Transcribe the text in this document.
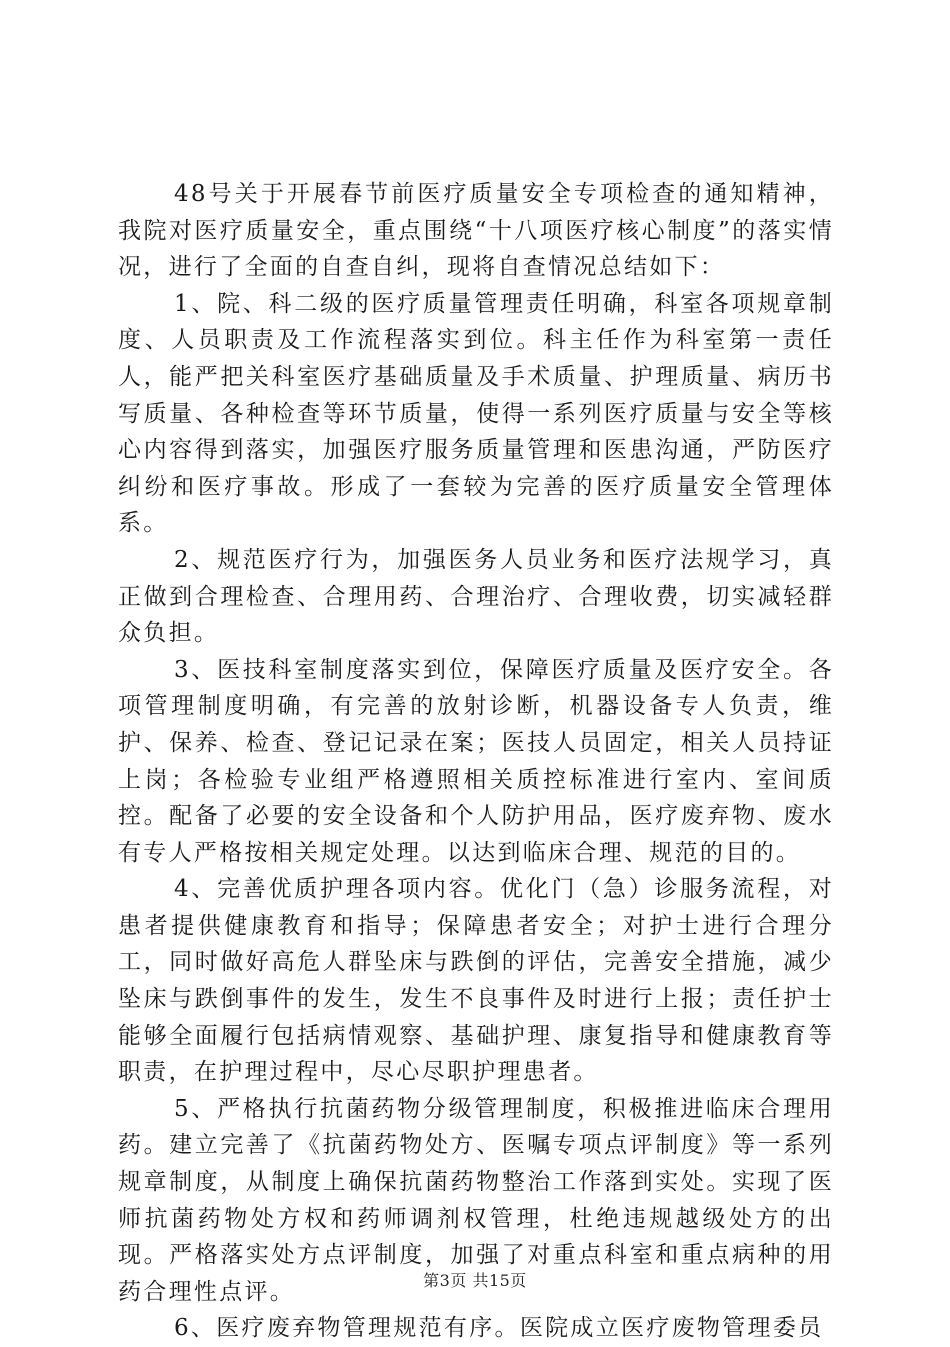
48号关于开展春节前医疗质量安全专项检查的通知精神，我院对医疗质量安全，重点围绕“十八项医疗核心制度”的落实情况，进行了全面的自查自纠，现将自查情况总结如下：

1、院、科二级的医疗质量管理责任明确，科室各项规章制度、人员职责及工作流程落实到位。科主任作为科室第一责任人，能严把关科室医疗基础质量及手术质量、护理质量、病历书写质量、各种检查等环节质量，使得一系列医疗质量与安全等核心内容得到落实，加强医疗服务质量管理和医患沟通，严防医疗纠纷和医疗事故。形成了一套较为完善的医疗质量安全管理体系。

2、规范医疗行为，加强医务人员业务和医疗法规学习，真正做到合理检查、合理用药、合理治疗、合理收费，切实减轻群众负担。

3、医技科室制度落实到位，保障医疗质量及医疗安全。各项管理制度明确，有完善的放射诊断，机器设备专人负责，维护、保养、检查、登记记录在案；医技人员固定，相关人员持证上岗；各检验专业组严格遵照相关质控标准进行室内、室间质控。配备了必要的安全设备和个人防护用品，医疗废弃物、废水有专人严格按相关规定处理。以达到临床合理、规范的目的。

4、完善优质护理各项内容。优化门（急）诊服务流程，对患者提供健康教育和指导；保障患者安全；对护士进行合理分工，同时做好高危人群坠床与跌倒的评估，完善安全措施，减少坠床与跌倒事件的发生，发生不良事件及时进行上报；责任护士能够全面履行包括病情观察、基础护理、康复指导和健康教育等职责，在护理过程中，尽心尽职护理患者。

5、严格执行抗菌药物分级管理制度，积极推进临床合理用药。建立完善了《抗菌药物处方、医嘱专项点评制度》等一系列规章制度，从制度上确保抗菌药物整治工作落到实处。实现了医师抗菌药物处方权和药师调剂权管理，杜绝违规越级处方的出现。严格落实处方点评制度，加强了对重点科室和重点病种的用药合理性点评。

6、医疗废弃物管理规范有序。医院成立医疗废物管理委员

第3页 共15页
